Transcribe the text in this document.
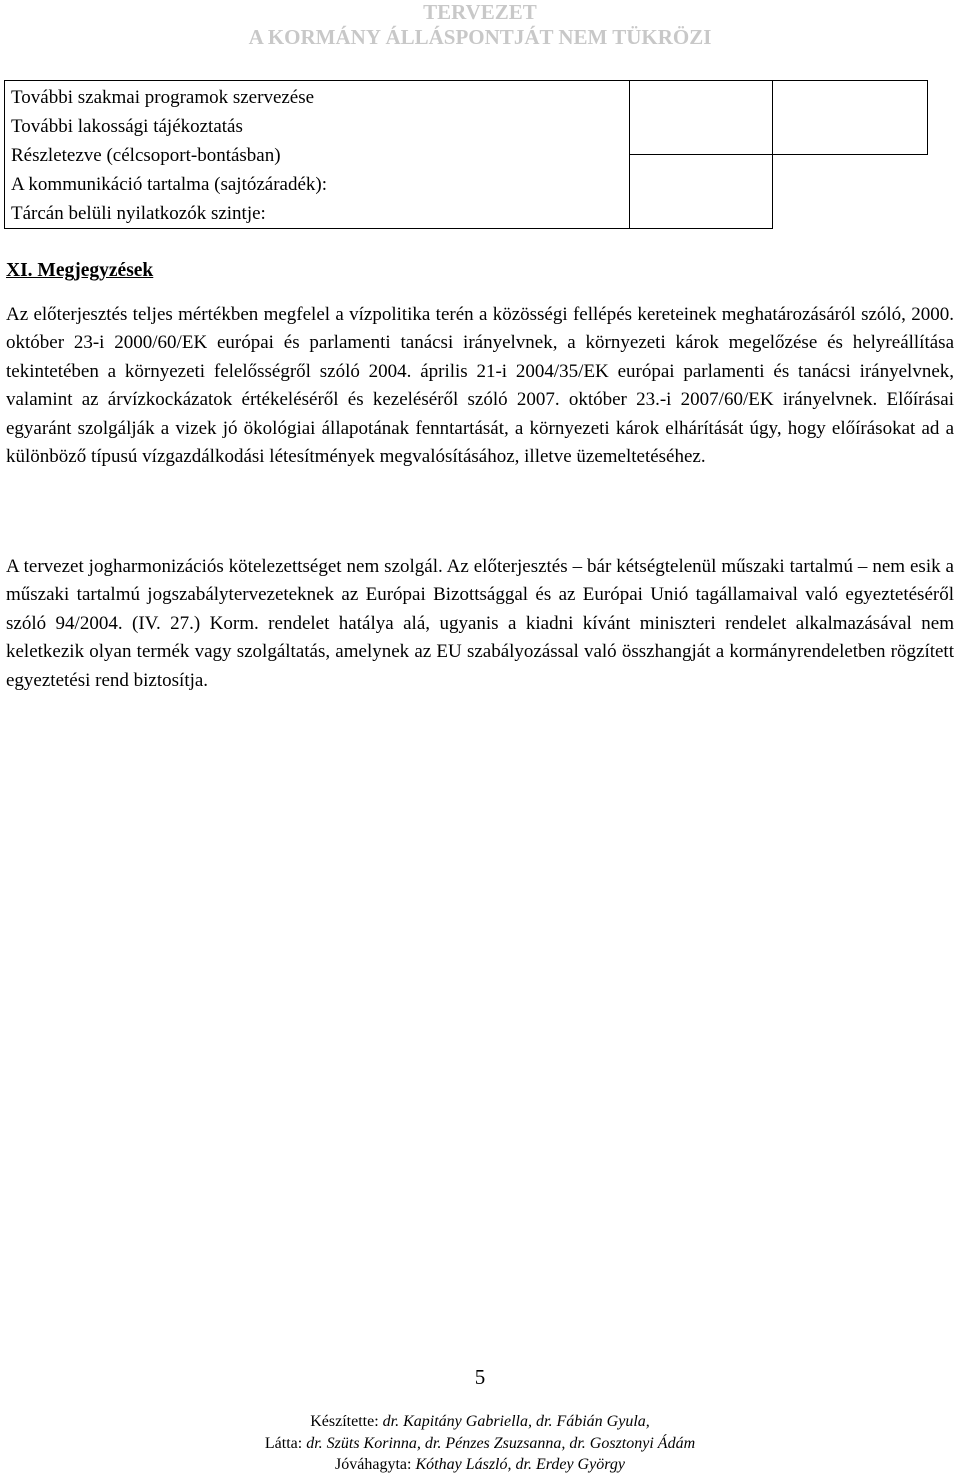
TERVEZET
A KORMÁNY ÁLLÁSPONTJÁT NEM TÜKRÖZI
További szakmai programok szervezése
További lakossági tájékoztatás
Részletezve (célcsoport-bontásban)
A kommunikáció tartalma (sajtózáradék):
Tárcán belüli nyilatkozók szintje:		

XI. Megjegyzések

Az előterjesztés teljes mértékben megfelel a vízpolitika terén a közösségi fellépés kereteinek meghatározásáról szóló, 2000. október 23-i 2000/60/EK európai és parlamenti tanácsi irányelvnek, a környezeti károk megelőzése és helyreállítása tekintetében a környezeti felelősségről szóló 2004. április 21-i 2004/35/EK európai parlamenti és tanácsi irányelvnek, valamint az árvízkockázatok értékeléséről és kezeléséről szóló 2007. október 23.-i 2007/60/EK irányelvnek. Előírásai egyaránt szolgálják a vizek jó ökológiai állapotának fenntartását, a környezeti károk elhárítását úgy, hogy előírásokat ad a különböző típusú vízgazdálkodási létesítmények megvalósításához, illetve üzemeltetéséhez.

A tervezet jogharmonizációs kötelezettséget nem szolgál. Az előterjesztés – bár kétségtelenül műszaki tartalmú – nem esik a műszaki tartalmú jogszabálytervezeteknek az Európai Bizottsággal és az Európai Unió tagállamaival való egyeztetéséről szóló 94/2004. (IV. 27.) Korm. rendelet hatálya alá, ugyanis a kiadni kívánt miniszteri rendelet alkalmazásával nem keletkezik olyan termék vagy szolgáltatás, amelynek az EU szabályozással való összhangját a kormányrendeletben rögzített egyeztetési rend biztosítja.

5
Készítette: dr. Kapitány Gabriella, dr. Fábián Gyula,
Látta: dr. Szüts Korinna, dr. Pénzes Zsuzsanna, dr. Gosztonyi Ádám
Jóváhagyta: Kóthay László, dr. Erdey György
